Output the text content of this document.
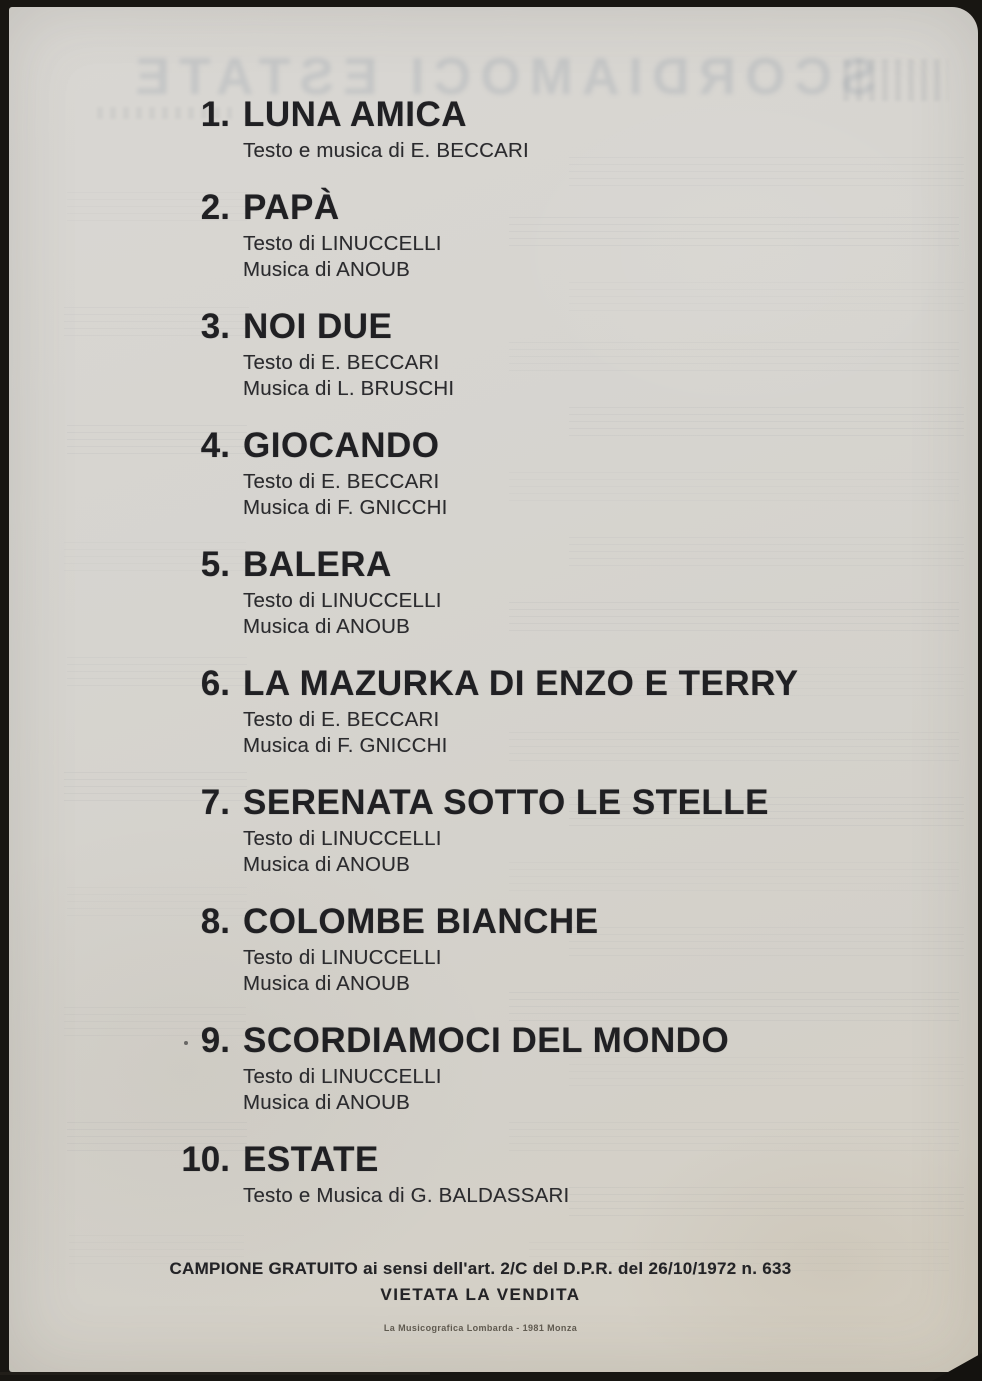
SCORDIAMOCI ESTATE
1. LUNA AMICA
Testo e musica di E. BECCARI
2. PAPÀ
Testo di LINUCCELLI
Musica di ANOUB
3. NOI DUE
Testo di E. BECCARI
Musica di L. BRUSCHI
4. GIOCANDO
Testo di E. BECCARI
Musica di F. GNICCHI
5. BALERA
Testo di LINUCCELLI
Musica di ANOUB
6. LA MAZURKA DI ENZO E TERRY
Testo di E. BECCARI
Musica di F. GNICCHI
7. SERENATA SOTTO LE STELLE
Testo di LINUCCELLI
Musica di ANOUB
8. COLOMBE BIANCHE
Testo di LINUCCELLI
Musica di ANOUB
9. SCORDIAMOCI DEL MONDO
Testo di LINUCCELLI
Musica di ANOUB
10. ESTATE
Testo e Musica di G. BALDASSARI
CAMPIONE GRATUITO ai sensi dell'art. 2/C del D.P.R. del 26/10/1972 n. 633
VIETATA LA VENDITA
La Musicografica Lombarda - 1981 Monza
